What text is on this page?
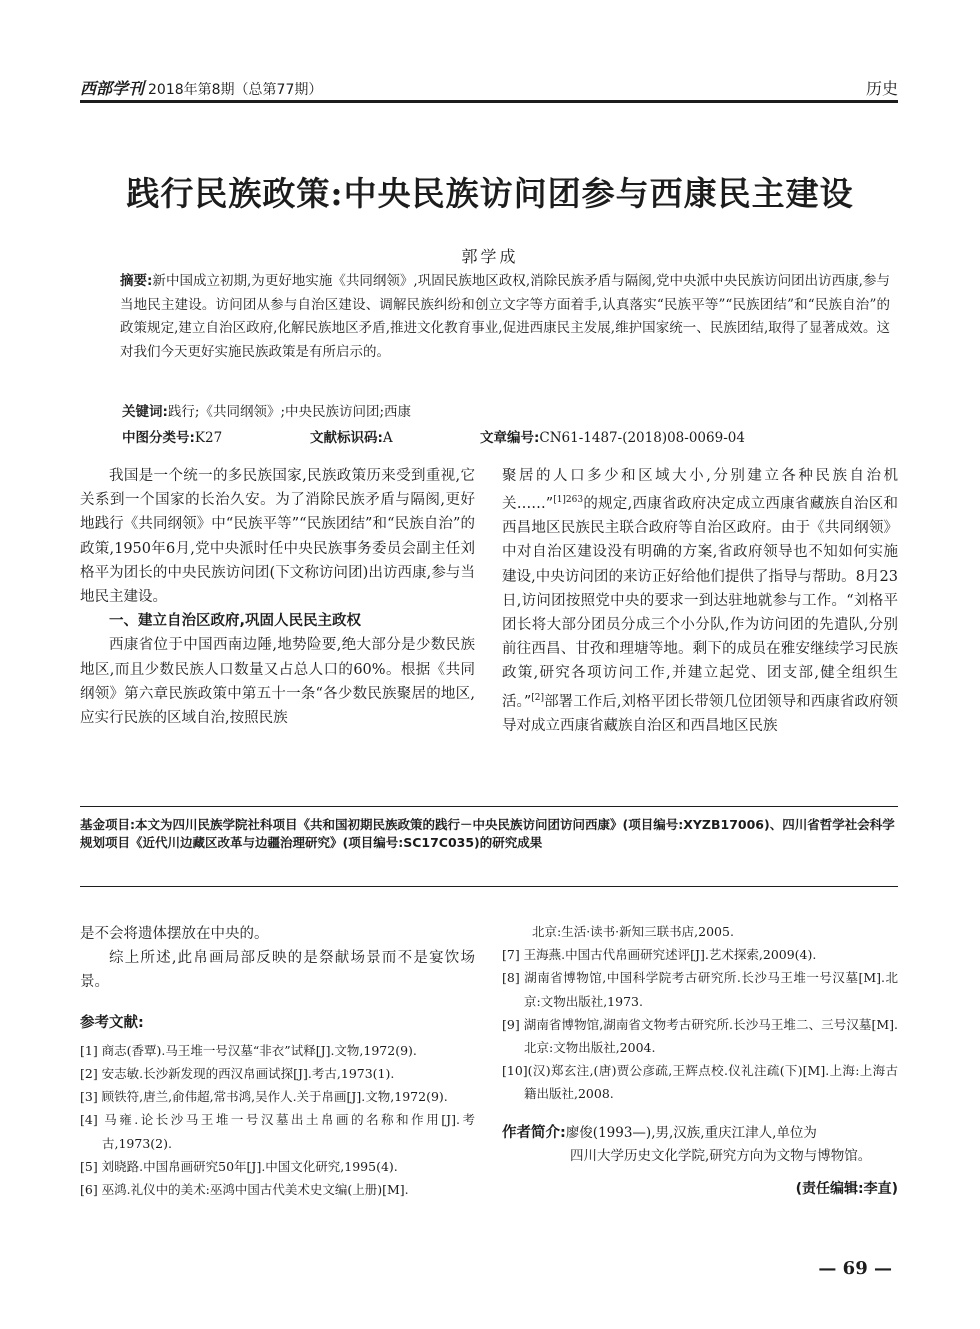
西部学刊 2018年第8期（总第77期）	历史
践行民族政策:中央民族访问团参与西康民主建设
郭学成
摘要:新中国成立初期,为更好地实施《共同纲领》,巩固民族地区政权,消除民族矛盾与隔阂,党中央派中央民族访问团出访西康,参与当地民主建设。访问团从参与自治区建设、调解民族纠纷和创立文字等方面着手,认真落实“民族平等”“民族团结”和“民族自治”的政策规定,建立自治区政府,化解民族地区矛盾,推进文化教育事业,促进西康民主发展,维护国家统一、民族团结,取得了显著成效。这对我们今天更好实施民族政策是有所启示的。
关键词:践行;《共同纲领》;中央民族访问团;西康
中图分类号:K27	文献标识码:A	文章编号:CN61-1487-(2018)08-0069-04

我国是一个统一的多民族国家,民族政策历来受到重视,它关系到一个国家的长治久安。为了消除民族矛盾与隔阂,更好地践行《共同纲领》中“民族平等”“民族团结”和“民族自治”的政策,1950年6月,党中央派时任中央民族事务委员会副主任刘格平为团长的中央民族访问团(下文称访问团)出访西康,参与当地民主建设。

一、建立自治区政府,巩固人民民主政权

西康省位于中国西南边陲,地势险要,绝大部分是少数民族地区,而且少数民族人口数量又占总人口的60%。根据《共同纲领》第六章民族政策中第五十一条“各少数民族聚居的地区,应实行民族的区域自治,按照民族

聚居的人口多少和区域大小,分别建立各种民族自治机关……”$^{[1]263}$的规定,西康省政府决定成立西康省藏族自治区和西昌地区民族民主联合政府等自治区政府。由于《共同纲领》中对自治区建设没有明确的方案,省政府领导也不知如何实施建设,中央访问团的来访正好给他们提供了指导与帮助。8月23日,访问团按照党中央的要求一到达驻地就参与工作。“刘格平团长将大部分团员分成三个小分队,作为访问团的先遣队,分别前往西昌、甘孜和理塘等地。剩下的成员在雅安继续学习民族政策,研究各项访问工作,并建立起党、团支部,健全组织生活。”[2]部署工作后,刘格平团长带领几位团领导和西康省政府领导对成立西康省藏族自治区和西昌地区民族

基金项目:本文为四川民族学院社科项目《共和国初期民族政策的践行－中央民族访问团访问西康》(项目编号:XYZB17006)、四川省哲学社会科学规划项目《近代川边藏区改革与边疆治理研究》(项目编号:SC17C035)的研究成果

是不会将遗体摆放在中央的。

综上所述,此帛画局部反映的是祭献场景而不是宴饮场景。

参考文献:
[1] 商志(香覃).马王堆一号汉墓“非衣”试释[J].文物,1972(9).
[2] 安志敏.长沙新发现的西汉帛画试探[J].考古,1973(1).
[3] 顾铁符,唐兰,俞伟超,常书鸿,吴作人.关于帛画[J].文物,1972(9).
[4] 马雍.论长沙马王堆一号汉墓出土帛画的名称和作用[J].考古,1973(2).
[5] 刘晓路.中国帛画研究50年[J].中国文化研究,1995(4).
[6] 巫鸿.礼仪中的美术:巫鸿中国古代美术史文编(上册)[M].
北京:生活·读书·新知三联书店,2005.
[7] 王海燕.中国古代帛画研究述评[J].艺术探索,2009(4).
[8] 湖南省博物馆,中国科学院考古研究所.长沙马王堆一号汉墓[M].北京:文物出版社,1973.
[9] 湖南省博物馆,湖南省文物考古研究所.长沙马王堆二、三号汉墓[M].北京:文物出版社,2004.
[10](汉)郑玄注,(唐)贾公彦疏,王辉点校.仪礼注疏(下)[M].上海:上海古籍出版社,2008.
作者简介:廖俊(1993—),男,汉族,重庆江津人,单位为
四川大学历史文化学院,研究方向为文物与博物馆。
(责任编辑:李直)
— 69 —
